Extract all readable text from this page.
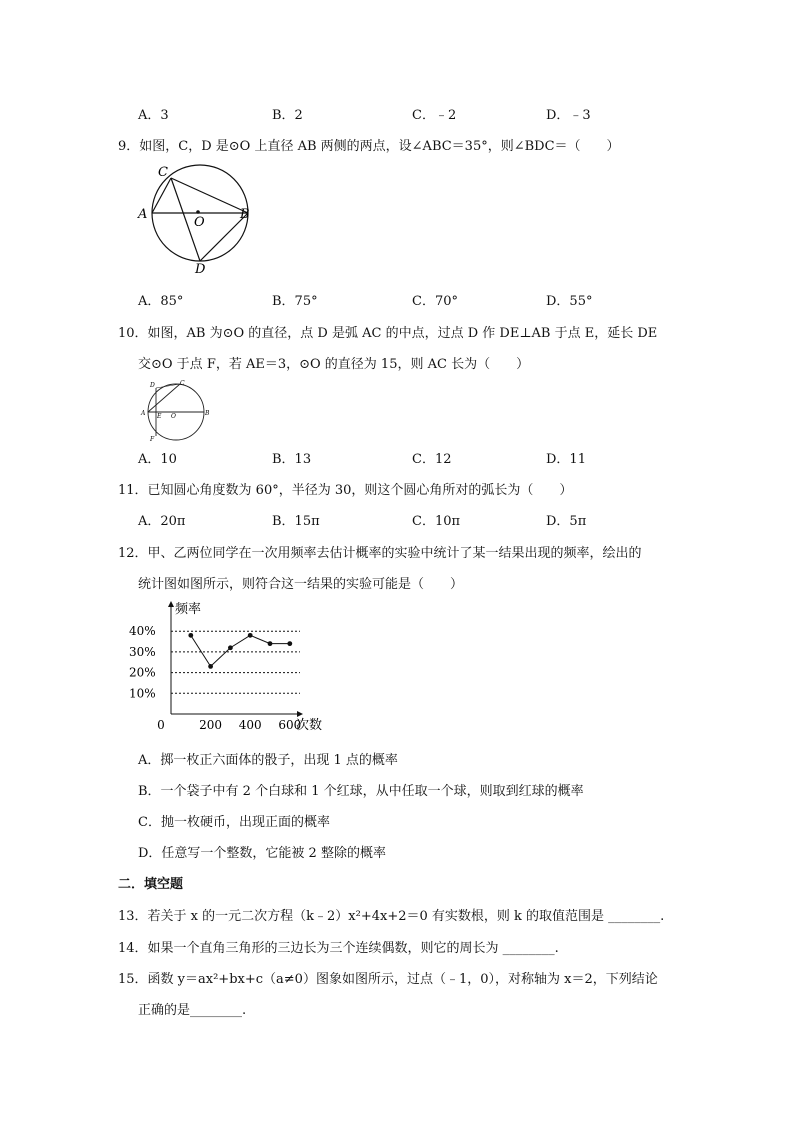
A．3	B．2	C．﹣2	D．﹣3
9．如图，C，D 是⊙O 上直径 AB 两侧的两点，设∠ABC＝35°，则∠BDC＝（　　）
C
A
O
B
D
A．85°	B．75°	C．70°	D．55°
10．如图，AB 为⊙O 的直径，点 D 是弧 AC 的中点，过点 D 作 DE⊥AB 于点 E，延长 DE
交⊙O 于点 F，若 AE＝3，⊙O 的直径为 15，则 AC 长为（　　）
D	C
A E O	B
F
A．10	B．13	C．12	D．11
11．已知圆心角度数为 60°，半径为 30，则这个圆心角所对的弧长为（　　）
A．20π	B．15π	C．10π	D．5π
12．甲、乙两位同学在一次用频率去估计概率的实验中统计了某一结果出现的频率，绘出的
统计图如图所示，则符合这一结果的实验可能是（　　）
频率
次数
10%
20%
30%
40%
0	200 400 600
A．掷一枚正六面体的骰子，出现 1 点的概率
B．一个袋子中有 2 个白球和 1 个红球，从中任取一个球，则取到红球的概率
C．抛一枚硬币，出现正面的概率
D．任意写一个整数，它能被 2 整除的概率
二．填空题
13．若关于 x 的一元二次方程（k﹣2）x²+4x+2＝0 有实数根，则 k 的取值范围是 ________.
14．如果一个直角三角形的三边长为三个连续偶数，则它的周长为 ________.
15．函数 y＝ax²+bx+c（a≠0）图象如图所示，过点（﹣1，0），对称轴为 x＝2，下列结论
正确的是________.
